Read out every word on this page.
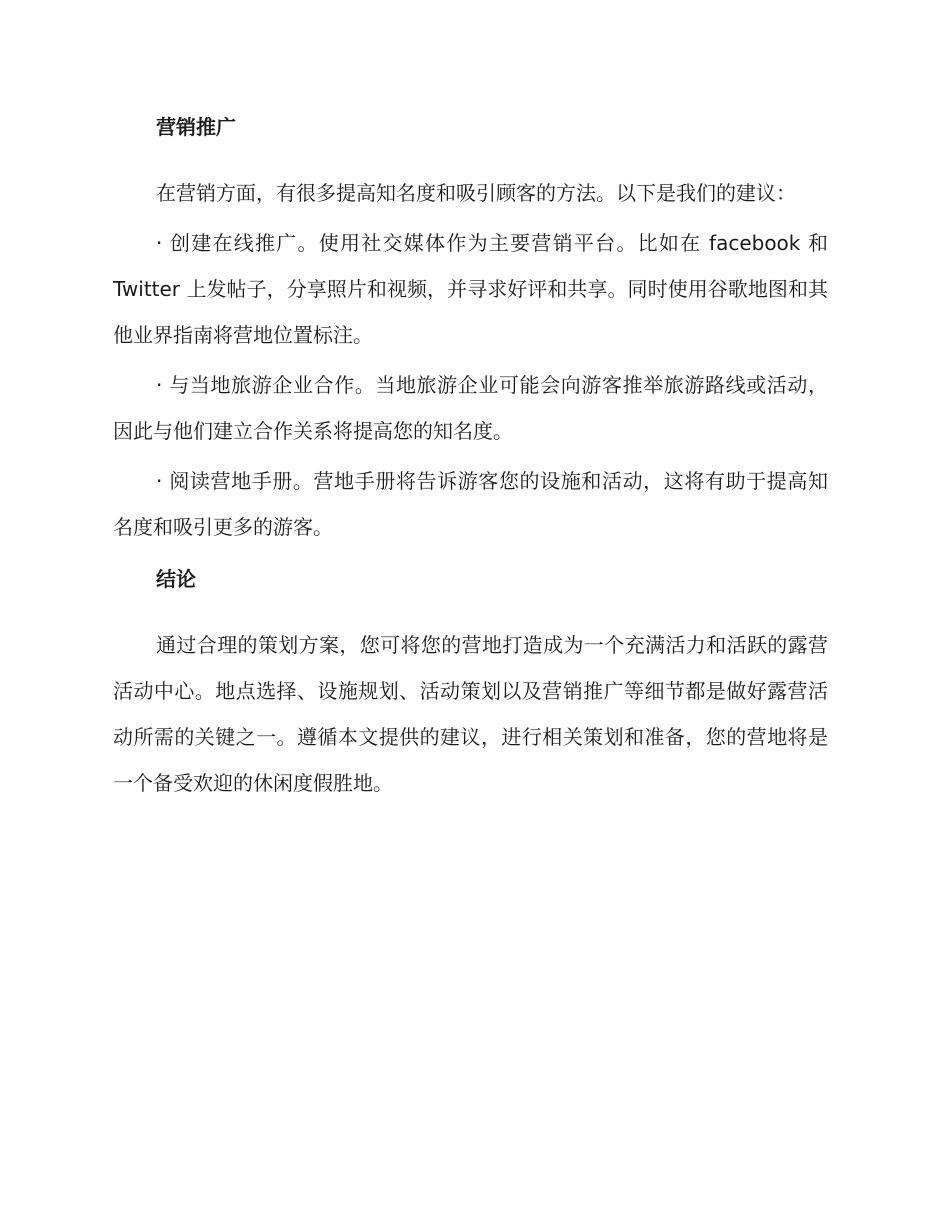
营销推广

在营销方面，有很多提高知名度和吸引顾客的方法。以下是我们的建议：

· 创建在线推广。使用社交媒体作为主要营销平台。比如在 facebook 和 Twitter 上发帖子，分享照片和视频，并寻求好评和共享。同时使用谷歌地图和其他业界指南将营地位置标注。

· 与当地旅游企业合作。当地旅游企业可能会向游客推举旅游路线或活动，因此与他们建立合作关系将提高您的知名度。

· 阅读营地手册。营地手册将告诉游客您的设施和活动，这将有助于提高知名度和吸引更多的游客。

结论

通过合理的策划方案，您可将您的营地打造成为一个充满活力和活跃的露营活动中心。地点选择、设施规划、活动策划以及营销推广等细节都是做好露营活动所需的关键之一。遵循本文提供的建议，进行相关策划和准备，您的营地将是一个备受欢迎的休闲度假胜地。
